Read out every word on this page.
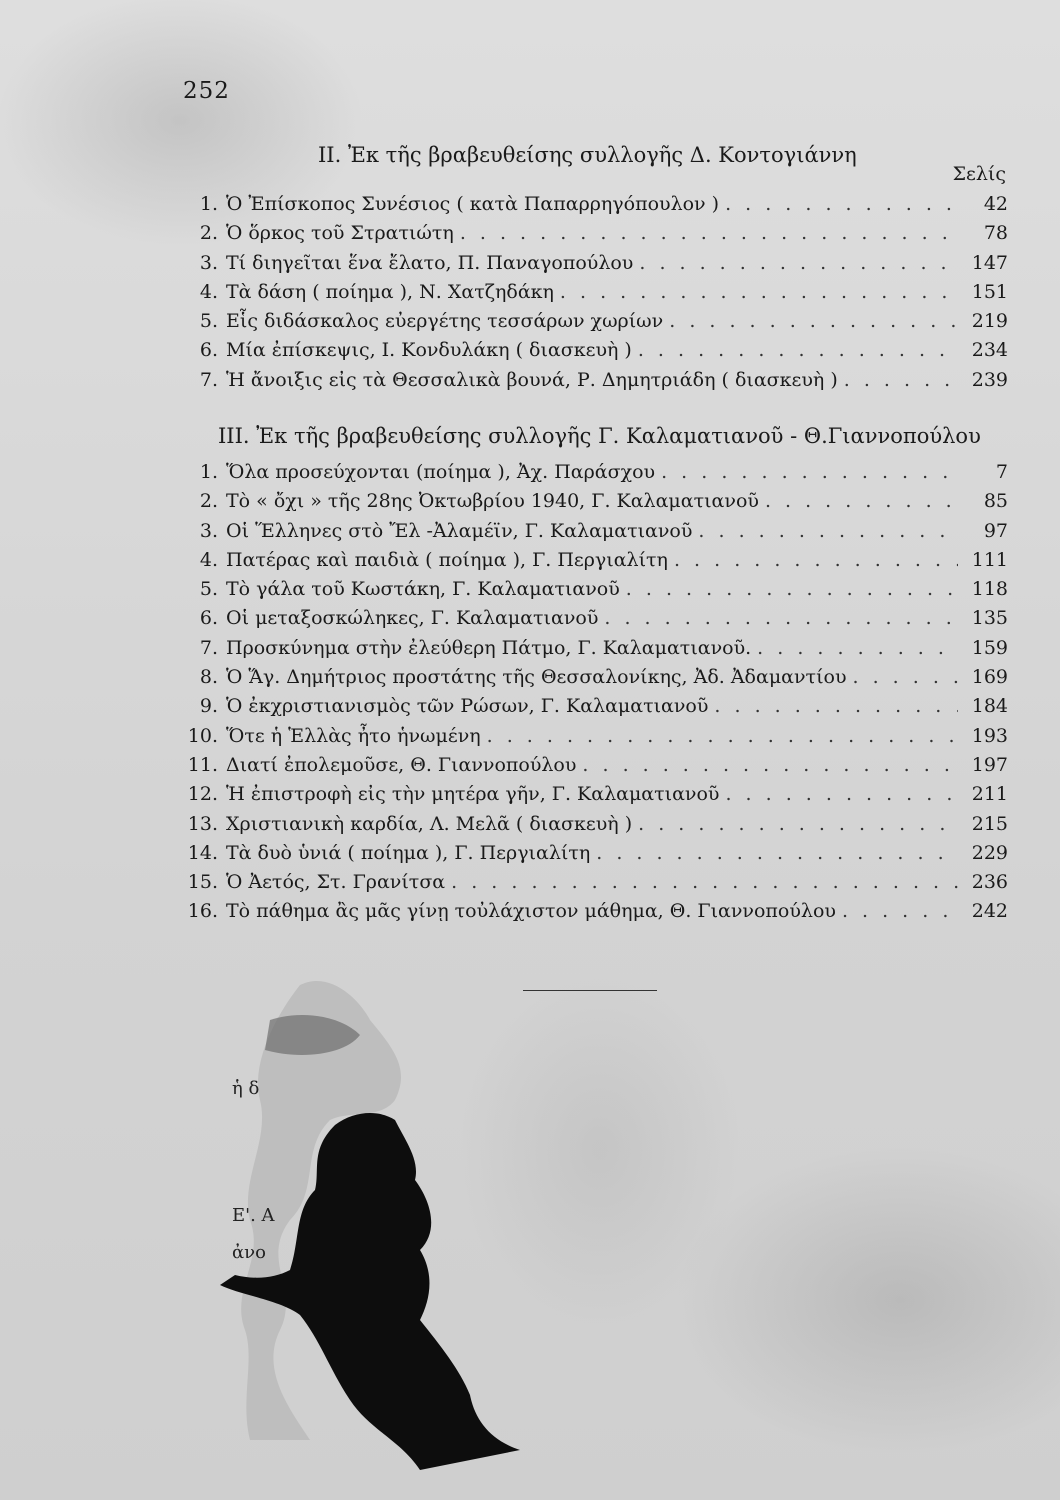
252
II. Ἐκ τῆς βραβευθείσης συλλογῆς Δ. Κοντογιάννη
Σελίς
1. Ὁ Ἐπίσκοπος Συνέσιος ( κατὰ Παπαρρηγόπουλον ) . . .	42
2. Ὁ ὅρκος τοῦ Στρατιώτη . . .	78
3. Τί διηγεῖται ἕνα ἔλατο, Π. Παναγοπούλου . . .	147
4. Τὰ δάση ( ποίημα ), Ν. Χατζηδάκη . . .	151
5. Εἷς διδάσκαλος εὐεργέτης τεσσάρων χωρίων . . .	219
6. Μία ἐπίσκεψις, Ι. Κονδυλάκη ( διασκευὴ ) . . .	234
7. Ἡ ἄνοιξις εἰς τὰ Θεσσαλικὰ βουνά, Ρ. Δημητριάδη ( διασκευὴ ) . . .	239
III. Ἐκ τῆς βραβευθείσης συλλογῆς Γ. Καλαματιανοῦ - Θ.Γιαννοπούλου
1. Ὅλα προσεύχονται (ποίημα ), Ἀχ. Παράσχου . . .	7
2. Τὸ « ὄχι » τῆς 28ης Ὀκτωβρίου 1940, Γ. Καλαματιανοῦ . . .	85
3. Οἱ Ἕλληνες στὸ Ἔλ -Ἀλαμέϊν, Γ. Καλαματιανοῦ . . .	97
4. Πατέρας καὶ παιδιὰ ( ποίημα ), Γ. Περγιαλίτη . . .	111
5. Τὸ γάλα τοῦ Κωστάκη, Γ. Καλαματιανοῦ . . .	118
6. Οἱ μεταξοσκώληκες, Γ. Καλαματιανοῦ . . .	135
7. Προσκύνημα στὴν ἐλεύθερη Πάτμο, Γ. Καλαματιανοῦ. . . .	159
8. Ὁ Ἅγ. Δημήτριος προστάτης τῆς Θεσσαλονίκης, Ἀδ. Ἀδαμαντίου . . .	169
9. Ὁ ἐκχριστιανισμὸς τῶν Ρώσων, Γ. Καλαματιανοῦ . . .	184
10. Ὅτε ἡ Ἑλλὰς ἦτο ἡνωμένη . . .	193
11. Διατί ἐπολεμοῦσε, Θ. Γιαννοπούλου . . .	197
12. Ἡ ἐπιστροφὴ εἰς τὴν μητέρα γῆν, Γ. Καλαματιανοῦ . . .	211
13. Χριστιανικὴ καρδία, Λ. Μελᾶ ( διασκευὴ ) . . .	215
14. Τὰ δυὸ ὑνιά ( ποίημα ), Γ. Περγιαλίτη . . .	229
15. Ὁ Ἀετός, Στ. Γρανίτσα . . .	236
16. Τὸ πάθημα ἂς μᾶς γίνῃ τοὐλάχιστον μάθημα, Θ. Γιαννοπούλου . . .	242
ἡ δ
Ε'. Α
ἀνο
